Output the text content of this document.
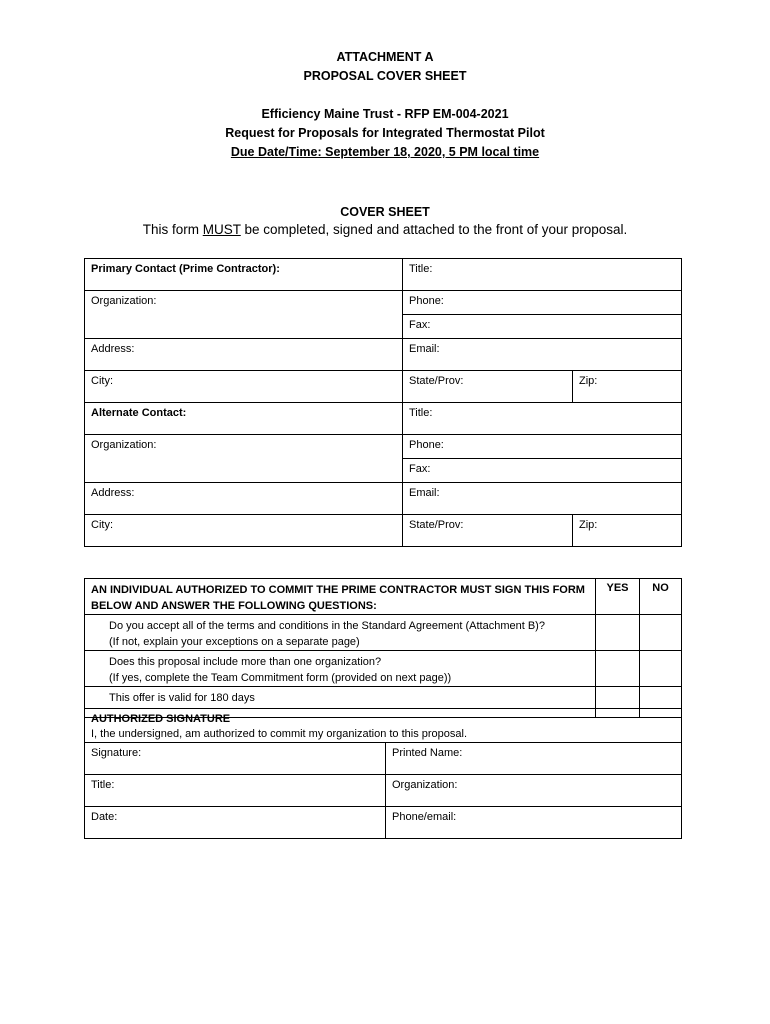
ATTACHMENT A
PROPOSAL COVER SHEET
Efficiency Maine Trust - RFP EM-004-2021
Request for Proposals for Integrated Thermostat Pilot
Due Date/Time: September 18, 2020, 5 PM local time
COVER SHEET
This form MUST be completed, signed and attached to the front of your proposal.
Primary Contact (Prime Contractor):	Title:	
Organization:	Phone:	
	Fax:	
Address:	Email:	
City:	State/Prov:	Zip:
Alternate Contact:	Title:	
Organization:	Phone:	
	Fax:	
Address:	Email:	
City:	State/Prov:	Zip:
AN INDIVIDUAL AUTHORIZED TO COMMIT THE PRIME CONTRACTOR MUST SIGN THIS FORM BELOW AND ANSWER THE FOLLOWING QUESTIONS:	YES	NO

Do you accept all of the terms and conditions in the Standard Agreement (Attachment B)?
(If not, explain your exceptions on a separate page)		

Does this proposal include more than one organization?
(If yes, complete the Team Commitment form (provided on next page))		

This offer is valid for 180 days		
AUTHORIZED SIGNATURE
I, the undersigned, am authorized to commit my organization to this proposal.	

Signature:	Printed Name:
Title:	Organization:
Date:	Phone/email:
